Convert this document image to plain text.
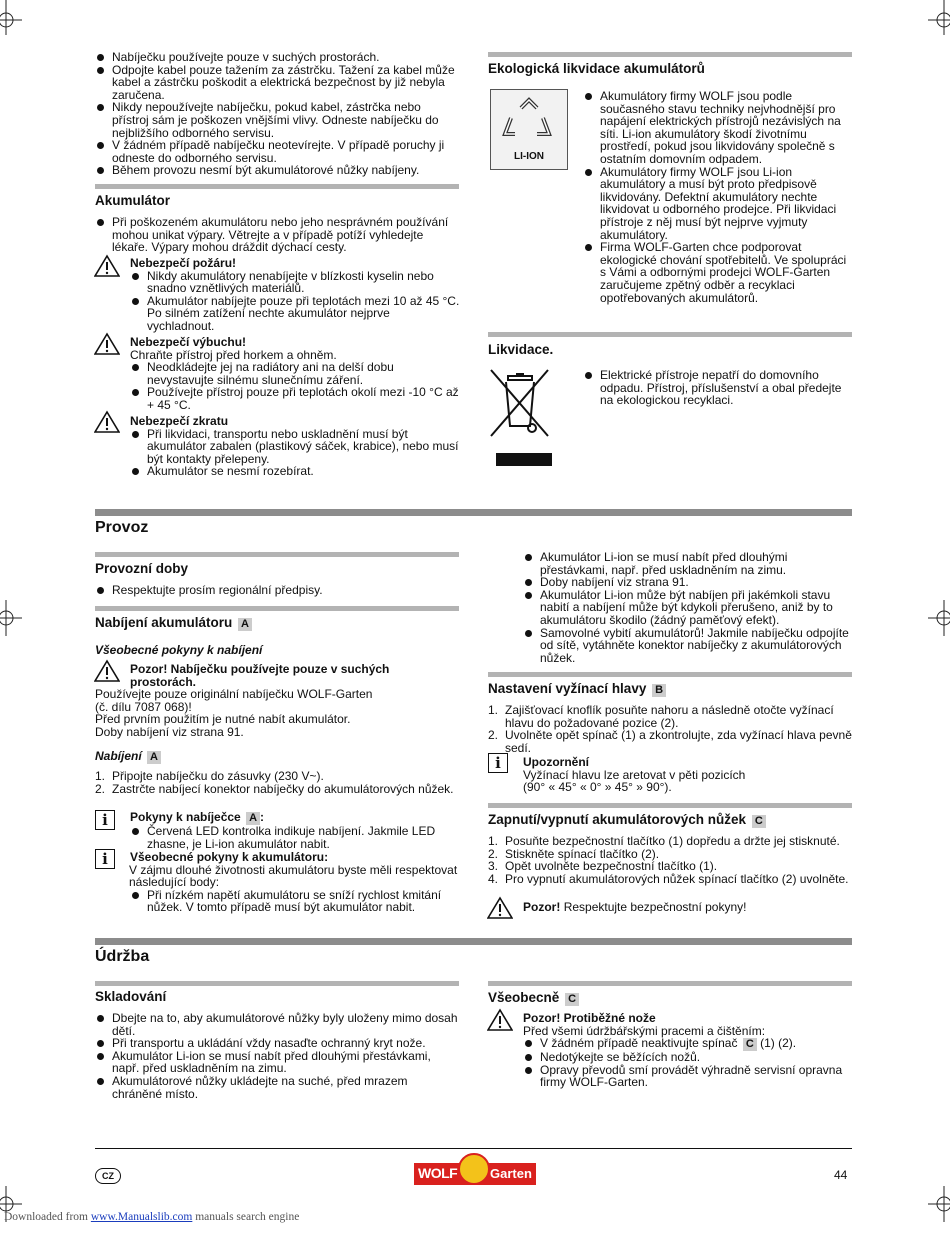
Nabíječku používejte pouze v suchých prostorách.
Odpojte kabel pouze tažením za zástrčku. Tažení za kabel může kabel a zástrčku poškodit a elektrická bezpečnost by již nebyla zaručena.
Nikdy nepoužívejte nabíječku, pokud kabel, zástrčka nebo přístroj sám je poškozen vnějšími vlivy. Odneste nabíječku do nejbližšího odborného servisu.
V žádném případě nabíječku neotevírejte. V případě poruchy ji odneste do odborného servisu.
Během provozu nesmí být akumulátorové nůžky nabíjeny.
Akumulátor
Při poškozeném akumulátoru nebo jeho nesprávném používání mohou unikat výpary. Větrejte a v případě potíží vyhledejte lékaře. Výpary mohou dráždit dýchací cesty.
Nebezpečí požáru!
Nikdy akumulátory nenabíjejte v blízkosti kyselin nebo snadno vznětlivých materiálů.
Akumulátor nabíjejte pouze při teplotách mezi 10 až 45 °C. Po silném zatížení nechte akumulátor nejprve vychladnout.
Nebezpečí výbuchu!
Chraňte přístroj před horkem a ohněm.
Neodkládejte jej na radiátory ani na delší dobu nevystavujte silnému slunečnímu záření.
Používejte přístroj pouze při teplotách okolí mezi -10 °C až + 45 °C.
Nebezpečí zkratu
Při likvidaci, transportu nebo uskladnění musí být akumulátor zabalen (plastikový sáček, krabice), nebo musí být kontakty přelepeny.
Akumulátor se nesmí rozebírat.
Ekologická likvidace akumulátorů
LI-ION
Akumulátory firmy WOLF jsou podle současného stavu techniky nejvhodnější pro napájení elektrických přístrojů nezávislých na síti. Li-ion akumulátory škodí životnímu prostředí, pokud jsou likvidovány společně s ostatním domovním odpadem.
Akumulátory firmy WOLF jsou Li-ion akumulátory a musí být proto předpisově likvidovány. Defektní akumulátory nechte likvidovat u odborného prodejce. Při likvidaci přístroje z něj musí být nejprve vyjmuty akumulátory.
Firma WOLF-Garten chce podporovat ekologické chování spotřebitelů. Ve spolupráci s Vámi a odbornými prodejci WOLF-Garten zaručujeme zpětný odběr a recyklaci opotřebovaných akumulátorů.
Likvidace.
Elektrické přístroje nepatří do domovního odpadu. Přístroj, příslušenství a obal předejte na ekologickou recyklaci.
Provoz
Provozní doby
Respektujte prosím regionální předpisy.
Nabíjení akumulátoru A
Všeobecné pokyny k nabíjení
Pozor! Nabíječku používejte pouze v suchých prostorách.
Používejte pouze originální nabíječku WOLF-Garten
(č. dílu 7087 068)!
Před prvním použitím je nutné nabít akumulátor.
Doby nabíjení viz strana 91.
Nabíjení A
1. Připojte nabíječku do zásuvky (230 V~).
2. Zastrčte nabíjecí konektor nabíječky do akumulátorových nůžek.
i	Pokyny k nabíječce A :
Červená LED kontrolka indikuje nabíjení. Jakmile LED zhasne, je Li-ion akumulátor nabit.
i	Všeobecné pokyny k akumulátoru:
V zájmu dlouhé životnosti akumulátoru byste měli respektovat následující body:
Při nízkém napětí akumulátoru se sníží rychlost kmitání nůžek. V tomto případě musí být akumulátor nabit.
Akumulátor Li-ion se musí nabít před dlouhými přestávkami, např. před uskladněním na zimu.
Doby nabíjení viz strana 91.
Akumulátor Li-ion může být nabíjen při jakémkoli stavu nabití a nabíjení může být kdykoli přerušeno, aniž by to akumulátoru škodilo (žádný paměťový efekt).
Samovolné vybití akumulátorů! Jakmile nabíječku odpojíte od sítě, vytáhněte konektor nabíječky z akumulátorových nůžek.
Nastavení vyžínací hlavy B
1. Zajišťovací knoflík posuňte nahoru a následně otočte vyžínací hlavu do požadované pozice (2).
2. Uvolněte opět spínač (1) a zkontrolujte, zda vyžínací hlava pevně sedí.
i	Upozornění
Vyžínací hlavu lze aretovat v pěti pozicích
(90° « 45° « 0° » 45° » 90°).
Zapnutí/vypnutí akumulátorových nůžek C
1. Posuňte bezpečnostní tlačítko (1) dopředu a držte jej stisknuté.
2. Stiskněte spínací tlačítko (2).
3. Opět uvolněte bezpečnostní tlačítko (1).
4. Pro vypnutí akumulátorových nůžek spínací tlačítko (2) uvolněte.
Pozor! Respektujte bezpečnostní pokyny!
Údržba
Skladování
Dbejte na to, aby akumulátorové nůžky byly uloženy mimo dosah dětí.
Při transportu a ukládání vždy nasaďte ochranný kryt nože.
Akumulátor Li-ion se musí nabít před dlouhými přestávkami, např. před uskladněním na zimu.
Akumulátorové nůžky ukládejte na suché, před mrazem chráněné místo.
Všeobecně C
Pozor! Protiběžné nože
Před všemi údržbářskými pracemi a čištěním:
V žádném případě neaktivujte spínač C (1) (2).
Nedotýkejte se běžících nožů.
Opravy převodů smí provádět výhradně servisní opravna firmy WOLF-Garten.
CZ	WOLF	Garten	44
Downloaded from www.Manualslib.com manuals search engine
